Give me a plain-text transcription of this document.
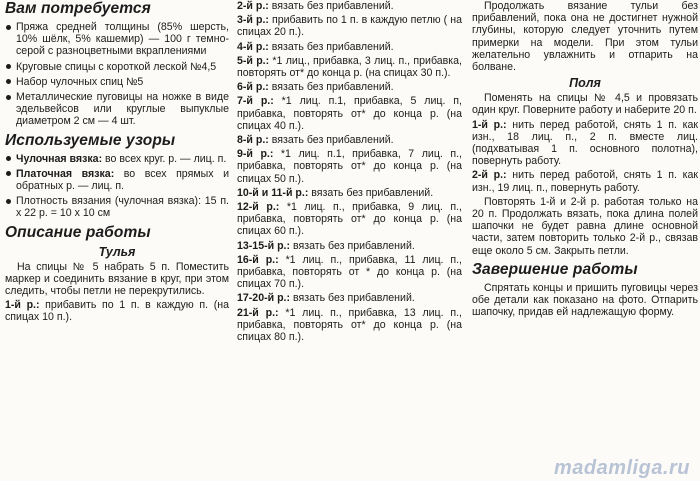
Вам потребуется

Пряжа средней толщины (85% шерсть, 10% шёлк, 5% кашемир) — 100 г темно-серой с разноцветными вкраплениями

Круговые спицы с короткой леской №4,5

Набор чулочных спиц №5

Металлические пуговицы на ножке в виде эдельвейсов или круглые выпуклые диаметром 2 см — 4 шт.

Используемые узоры

Чулочная вязка: во всех круг. р. — лиц. п.

Платочная вязка: во всех прямых и обратных р. — лиц. п.

Плотность вязания (чулочная вязка): 15 п. х 22 р. = 10 х 10 см

Описание работы
Тулья

На спицы № 5 набрать 5 п. Поместить маркер и соединить вязание в круг, при этом следить, чтобы петли не перекрутились.

1-й р.: прибавить по 1 п. в каждую п. (на спицах 10 п.).

2-й р.: вязать без прибавлений.

3-й р.: прибавить по 1 п. в каждую петлю ( на спицах 20 п.).

4-й р.: вязать без прибавлений.

5-й р.: *1 лиц., прибавка, 3 лиц. п., прибавка, повторять от* до конца р. (на спицах 30 п.).

6-й р.: вязать без прибавлений.

7-й р.: *1 лиц. п.1, прибавка, 5 лиц. п, прибавка, повторять от* до конца р. (на спицах 40 п.).

8-й р.: вязать без прибавлений.

9-й р.: *1 лиц. п.1, прибавка, 7 лиц. п., прибавка, повторять от* до конца р. (на спицах 50 п.).

10-й и 11-й р.: вязать без прибавлений.

12-й р.: *1 лиц. п., прибавка, 9 лиц. п., прибавка, повторять от* до конца р. (на спицах 60 п.).

13-15-й р.: вязать без прибавлений.

16-й р.: *1 лиц. п., прибавка, 11 лиц. п., прибавка, повторять от * до конца р. (на спицах 70 п.).

17-20-й р.: вязать без прибавлений.

21-й р.: *1 лиц. п., прибавка, 13 лиц. п., прибавка, повторять от* до конца р. (на спицах 80 п.).

Продолжать вязание тульи без прибавлений, пока она не достигнет нужной глубины, которую следует уточнить путем примерки на модели. При этом тульи желательно увлажнить и отпарить на болване.

Поля

Поменять на спицы № 4,5 и провязать один круг. Поверните работу и наберите 20 п.

1-й р.: нить перед работой, снять 1 п. как изн., 18 лиц. п., 2 п. вместе лиц. (подхватывая 1 п. основного полотна), повернуть работу.

2-й р.: нить перед работой, снять 1 п. как изн., 19 лиц. п., повернуть работу.

Повторять 1-й и 2-й р. работая только на 20 п. Продолжать вязать, пока длина полей шапочки не будет равна длине основной части, затем повторить только 2-й р., связав еще около 5 см. Закрыть петли.

Завершение работы

Спрятать концы и пришить пуговицы через обе детали как показано на фото. Отпарить шапочку, придав ей надлежащую форму.

madamliga.ru
